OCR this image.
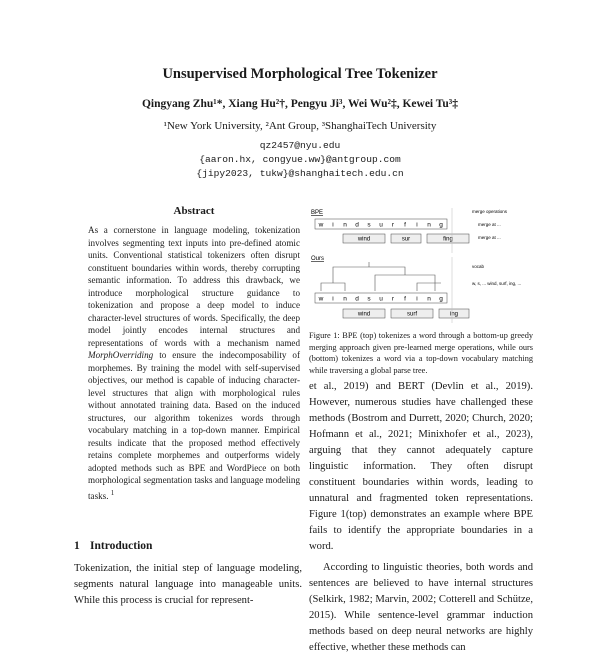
Unsupervised Morphological Tree Tokenizer
Qingyang Zhu¹*, Xiang Hu²†, Pengyu Ji³, Wei Wu²‡, Kewei Tu³‡
¹New York University, ²Ant Group, ³ShanghaiTech University
qz2457@nyu.edu
{aaron.hx, congyue.ww}@antgroup.com
{jipy2023, tukw}@shanghaitech.edu.cn
Abstract
As a cornerstone in language modeling, tokenization involves segmenting text inputs into pre-defined atomic units. Conventional statistical tokenizers often disrupt constituent boundaries within words, thereby corrupting semantic information. To address this drawback, we introduce morphological structure guidance to tokenization and propose a deep model to induce character-level structures of words. Specifically, the deep model jointly encodes internal structures and representations of words with a mechanism named MorphOverriding to ensure the indecomposability of morphemes. By training the model with self-supervised objectives, our method is capable of inducing character-level structures that align with morphological rules without annotated training data. Based on the induced structures, our algorithm tokenizes words through vocabulary matching in a top-down manner. Empirical results indicate that the proposed method effectively retains complete morphemes and outperforms widely adopted methods such as BPE and WordPiece on both morphological segmentation tasks and language modeling tasks. $^1$
1 Introduction
Tokenization, the initial step of language modeling, segments natural language into manageable units. While this process is crucial for represent-
BPE
w i n d s u r f i n g
wind	sur	fing
merge operations
merge at ...
merge at ...
Ours
w i n d s u r f i n g
wind	surf	ing
vocab
w, s, ... wind, surf, ing, ...
Figure 1: BPE (top) tokenizes a word through a bottom-up greedy merging approach given pre-learned merge operations, while ours (bottom) tokenizes a word via a top-down vocabulary matching while traversing a global parse tree.

et al., 2019) and BERT (Devlin et al., 2019). However, numerous studies have challenged these methods (Bostrom and Durrett, 2020; Church, 2020; Hofmann et al., 2021; Minixhofer et al., 2023), arguing that they cannot adequately capture linguistic information. They often disrupt constituent boundaries within words, leading to unnatural and fragmented token representations. Figure 1(top) demonstrates an example where BPE fails to identify the appropriate boundaries in a word.

According to linguistic theories, both words and sentences are believed to have internal structures (Selkirk, 1982; Marvin, 2002; Cotterell and Schütze, 2015). While sentence-level grammar induction methods based on deep neural networks are highly effective, whether these methods can
